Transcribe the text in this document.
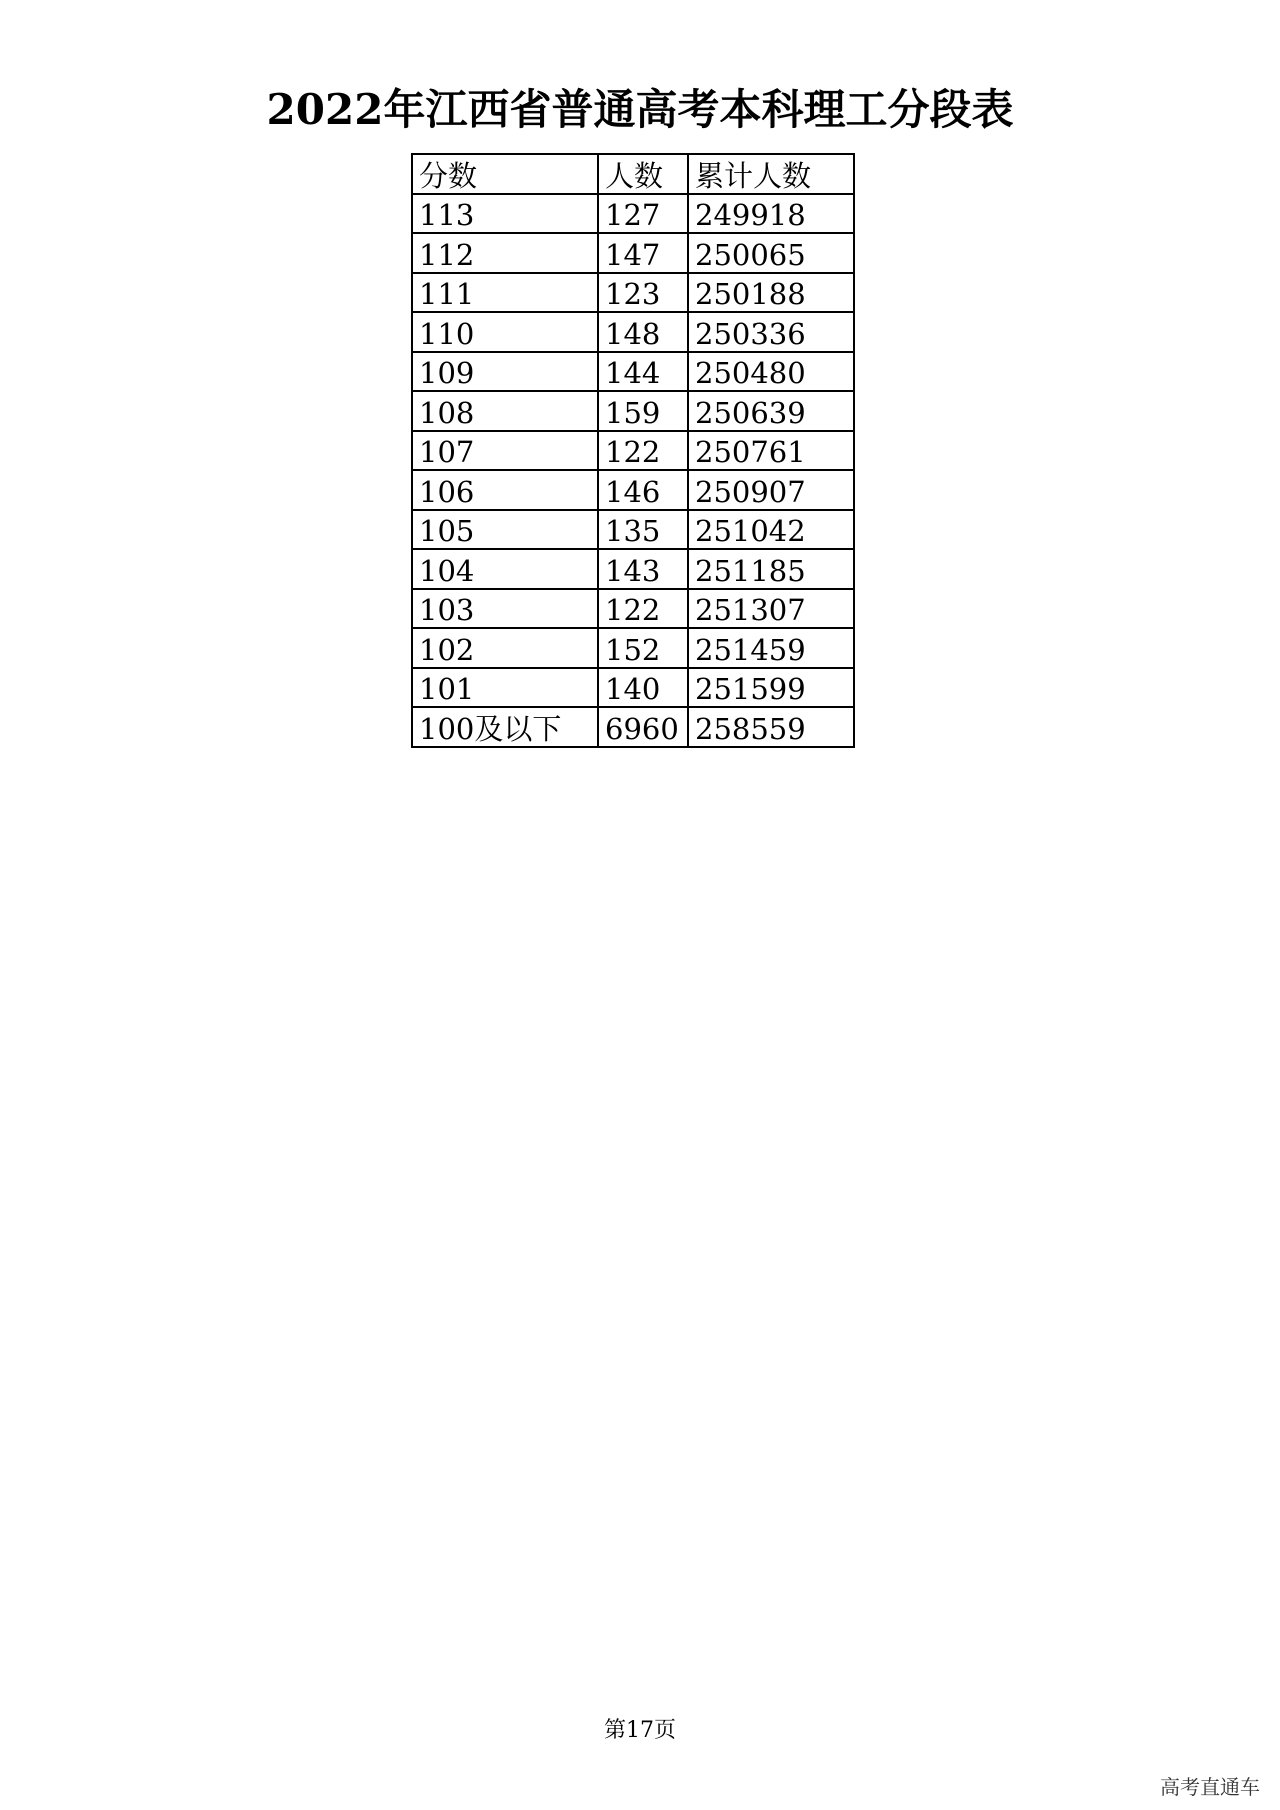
2022年江西省普通高考本科理工分段表
分数	人数	累计人数
113	127	249918
112	147	250065
111	123	250188
110	148	250336
109	144	250480
108	159	250639
107	122	250761
106	146	250907
105	135	251042
104	143	251185
103	122	251307
102	152	251459
101	140	251599
100及以下	6960	258559
第17页
高考直通车
